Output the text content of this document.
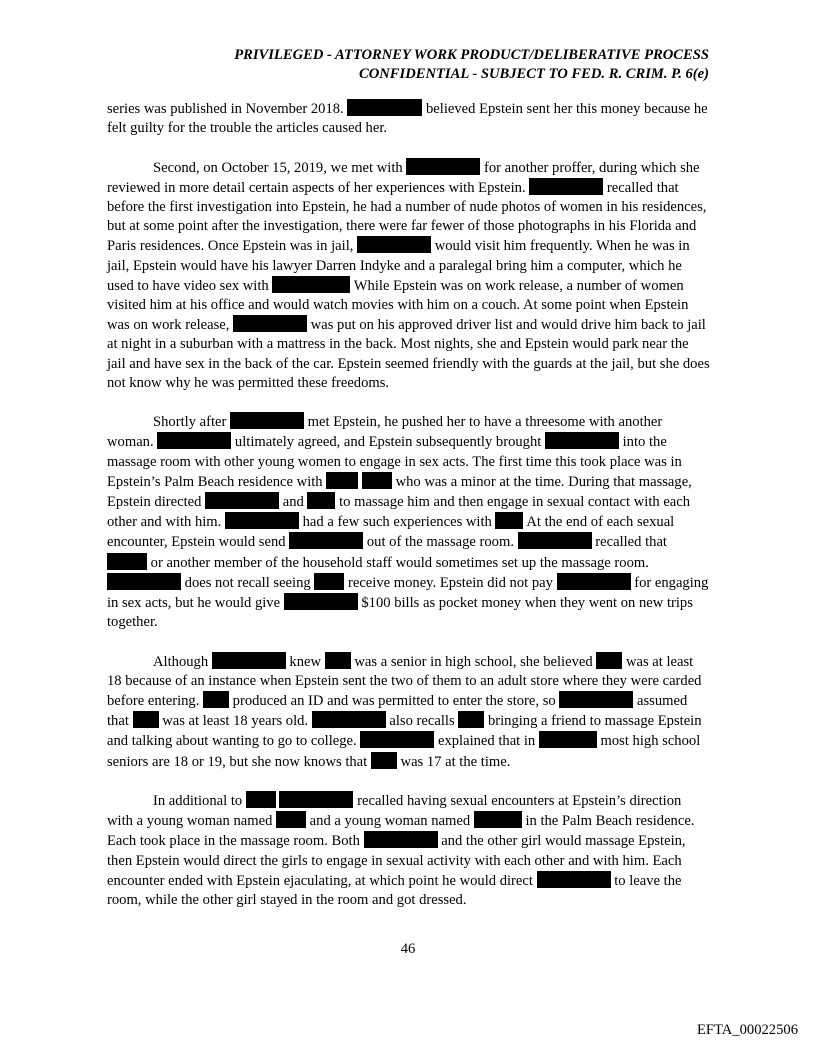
PRIVILEGED - ATTORNEY WORK PRODUCT/DELIBERATIVE PROCESS
CONFIDENTIAL - SUBJECT TO FED. R. CRIM. P. 6(e)

series was published in November 2018.	believed Epstein sent her this money because he felt guilty for the trouble the articles caused her.

Second, on October 15, 2019, we met with	for another proffer, during which she reviewed in more detail certain aspects of her experiences with Epstein.	recalled that before the first investigation into Epstein, he had a number of nude photos of women in his residences, but at some point after the investigation, there were far fewer of those photographs in his Florida and Paris residences. Once Epstein was in jail,	would visit him frequently. When he was in jail, Epstein would have his lawyer Darren Indyke and a paralegal bring him a computer, which he used to have video sex with	While Epstein was on work release, a number of women visited him at his office and would watch movies with him on a couch. At some point when Epstein was on work release,	was put on his approved driver list and would drive him back to jail at night in a suburban with a mattress in the back. Most nights, she and Epstein would park near the jail and have sex in the back of the car. Epstein seemed friendly with the guards at the jail, but she does not know why he was permitted these freedoms.

Shortly after	met Epstein, he pushed her to have a threesome with another woman.	ultimately agreed, and Epstein subsequently brought	into the massage room with other young women to engage in sex acts. The first time this took place was in Epstein’s Palm Beach residence with	who was a minor at the time. During that massage, Epstein directed	and  to massage him and then engage in sexual contact with each other and with him.	had a few such experiences with  At the end of each sexual encounter, Epstein would send	out of the massage room.	recalled that  or another member of the household staff would sometimes set up the massage room.  does not recall seeing  receive money. Epstein did not pay	for engaging in sex acts, but he would give	$100 bills as pocket money when they went on new trips together.

Although	knew  was a senior in high school, she believed  was at least 18 because of an instance when Epstein sent the two of them to an adult store where they were carded before entering.  produced an ID and was permitted to enter the store, so	assumed that  was at least 18 years old.	also recalls  bringing a friend to massage Epstein and talking about wanting to go to college.	explained that in	most high school seniors are 18 or 19, but she now knows that  was 17 at the time.

In additional to	recalled having sexual encounters at Epstein’s direction with a young woman named  and a young woman named	in the Palm Beach residence. Each took place in the massage room. Both	and the other girl would massage Epstein, then Epstein would direct the girls to engage in sexual activity with each other and with him. Each encounter ended with Epstein ejaculating, at which point he would direct	to leave the room, while the other girl stayed in the room and got dressed.

46
EFTA_00022506
